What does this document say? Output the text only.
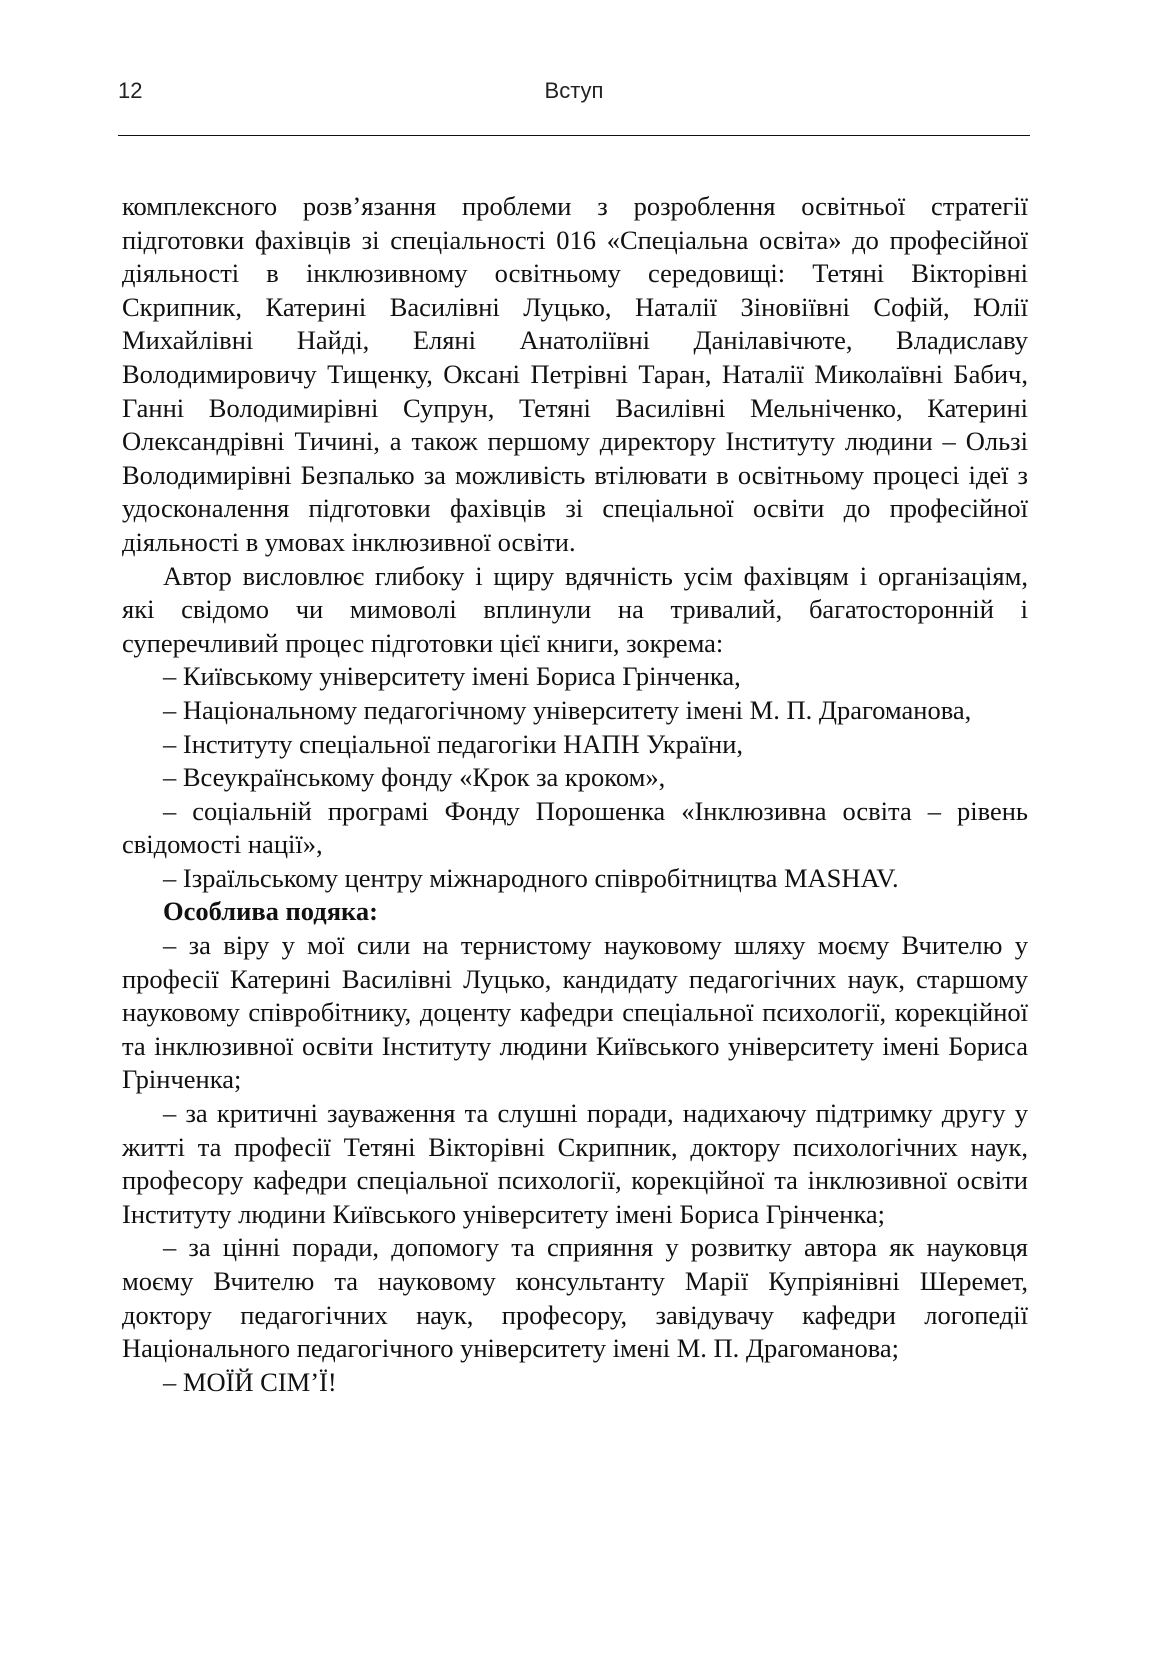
12	Вступ

комплексного розв’язання проблеми з розроблення освітньої стратегії підготовки фахівців зі спеціальності 016 «Спеціальна освіта» до професійної діяльності в інклюзивному освітньому середовищі: Тетяні Вікторівні Скрипник, Катерині Василівні Луцько, Наталії Зіновіївні Софій, Юлії Михайлівні Найді, Еляні Анатоліївні Данілавічюте, Владиславу Володимировичу Тищенку, Оксані Петрівні Таран, Наталії Миколаївні Бабич, Ганні Володимирівні Супрун, Тетяні Василівні Мельніченко, Катерині Олександрівні Тичині, а також першому директору Інституту людини – Ользі Володимирівні Безпалько за можливість втілювати в освітньому процесі ідеї з удосконалення підготовки фахівців зі спеціальної освіти до професійної діяльності в умовах інклюзивної освіти.

Автор висловлює глибоку і щиру вдячність усім фахівцям і організаціям, які свідомо чи мимоволі вплинули на тривалий, багатосторонній і суперечливий процес підготовки цієї книги, зокрема:

– Київському університету імені Бориса Грінченка,

– Національному педагогічному університету імені М. П. Драгоманова,

– Інституту спеціальної педагогіки НАПН України,

– Всеукраїнському фонду «Крок за кроком»,

– соціальній програмі Фонду Порошенка «Інклюзивна освіта – рівень свідомості нації»,

– Ізраїльському центру міжнародного співробітництва MASHAV.

Особлива подяка:

– за віру у мої сили на тернистому науковому шляху моєму Вчителю у професії Катерині Василівні Луцько, кандидату педагогічних наук, старшому науковому співробітнику, доценту кафедри спеціальної психології, корекційної та інклюзивної освіти Інституту людини Київського університету імені Бориса Грінченка;

– за критичні зауваження та слушні поради, надихаючу підтримку другу у житті та професії Тетяні Вікторівні Скрипник, доктору психологічних наук, професору кафедри спеціальної психології, корекційної та інклюзивної освіти Інституту людини Київського університету імені Бориса Грінченка;

– за цінні поради, допомогу та сприяння у розвитку автора як науковця моєму Вчителю та науковому консультанту Марії Купріянівні Шеремет, доктору педагогічних наук, професору, завідувачу кафедри логопедії Національного педагогічного університету імені М. П. Драгоманова;

– МОЇЙ СІМ’Ї!
